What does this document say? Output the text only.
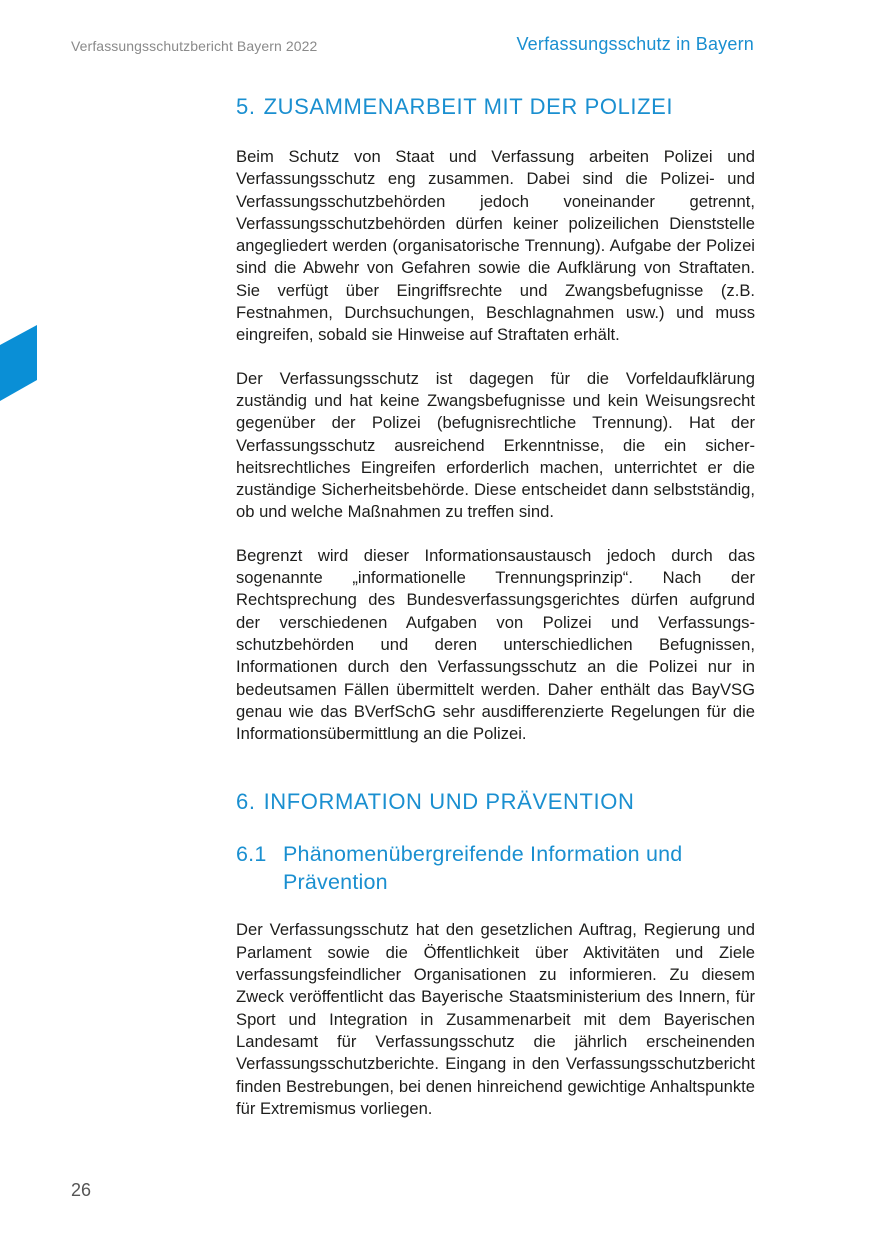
Verfassungsschutzbericht Bayern 2022	Verfassungsschutz in Bayern
5. ZUSAMMENARBEIT MIT DER POLIZEI

Beim Schutz von Staat und Verfassung arbeiten Polizei und Verfassungsschutz eng zusammen. Dabei sind die Polizei- und Verfassungsschutzbehörden jedoch voneinander getrennt, Verfassungsschutzbehörden dürfen keiner polizeilichen Dienststelle angegliedert werden (organisatorische Trennung). Aufgabe der Polizei sind die Abwehr von Gefahren sowie die Aufklärung von Straftaten. Sie verfügt über Eingriffsrechte und Zwangsbefugnisse (z.B. Festnahmen, Durchsuchungen, Beschlagnahmen usw.) und muss eingreifen, sobald sie Hinweise auf Straftaten erhält.

Der Verfassungsschutz ist dagegen für die Vorfeldaufklärung zuständig und hat keine Zwangsbefugnisse und kein Weisungsrecht gegenüber der Polizei (befugnisrechtliche Trennung). Hat der Verfassungsschutz ausreichend Erkenntnisse, die ein sicherheitsrechtliches Eingreifen erforderlich machen, unterrichtet er die zuständige Sicherheitsbehörde. Diese entscheidet dann selbstständig, ob und welche Maßnahmen zu treffen sind.

Begrenzt wird dieser Informationsaustausch jedoch durch das sogenannte „informationelle Trennungsprinzip“. Nach der Rechtsprechung des Bundesverfassungsgerichtes dürfen aufgrund der verschiedenen Aufgaben von Polizei und Verfassungsschutzbehörden und deren unterschiedlichen Befugnissen, Informationen durch den Verfassungsschutz an die Polizei nur in bedeutsamen Fällen übermittelt werden. Daher enthält das BayVSG genau wie das BVerfSchG sehr ausdifferenzierte Regelungen für die Informationsübermittlung an die Polizei.

6. INFORMATION UND PRÄVENTION
6.1 Phänomenübergreifende Information und
Prävention

Der Verfassungsschutz hat den gesetzlichen Auftrag, Regierung und Parlament sowie die Öffentlichkeit über Aktivitäten und Ziele verfassungsfeindlicher Organisationen zu informieren. Zu diesem Zweck veröffentlicht das Bayerische Staatsministerium des Innern, für Sport und Integration in Zusammenarbeit mit dem Bayerischen Landesamt für Verfassungsschutz die jährlich erscheinenden Verfassungsschutzberichte. Eingang in den Verfassungsschutzbericht finden Bestrebungen, bei denen hinreichend gewichtige Anhaltspunkte für Extremismus vorliegen.

26
